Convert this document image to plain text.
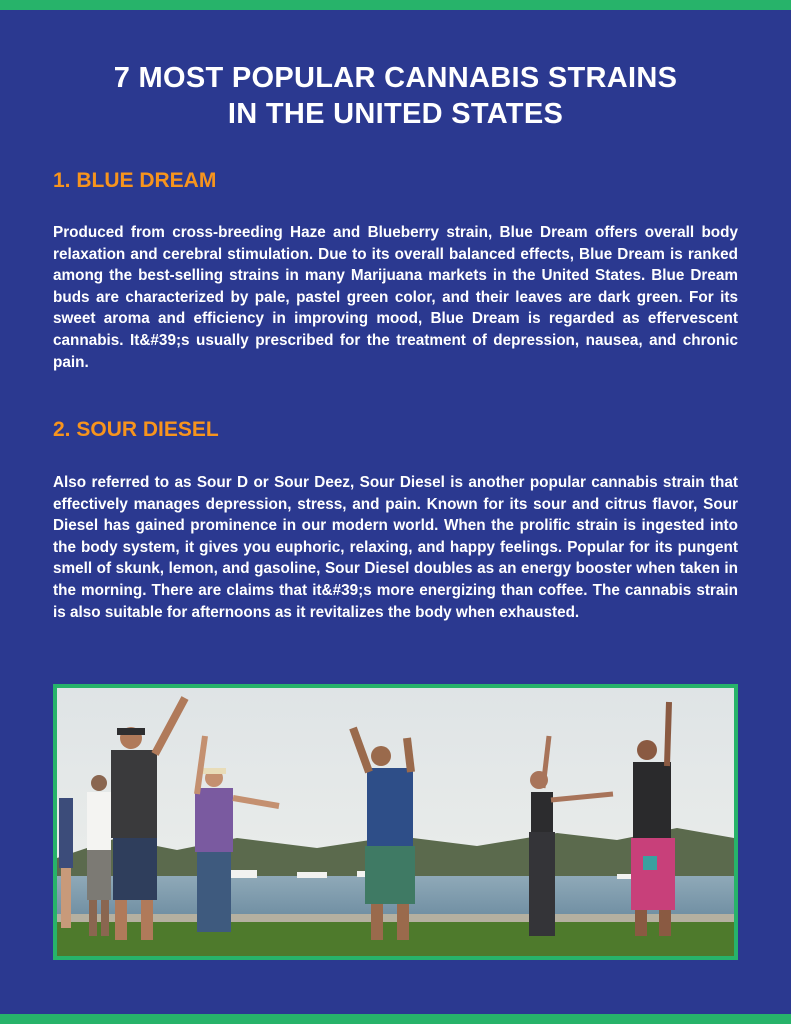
7 MOST POPULAR CANNABIS STRAINS
IN THE UNITED STATES
1. BLUE DREAM

Produced from cross-breeding Haze and Blueberry strain, Blue Dream offers overall body relaxation and cerebral stimulation. Due to its overall balanced effects, Blue Dream is ranked among the best-selling strains in many Marijuana markets in the United States. Blue Dream buds are characterized by pale, pastel green color, and their leaves are dark green. For its sweet aroma and efficiency in improving mood, Blue Dream is regarded as effervescent cannabis. It&#39;s usually prescribed for the treatment of depression, nausea, and chronic pain.

2. SOUR DIESEL

Also referred to as Sour D or Sour Deez, Sour Diesel is another popular cannabis strain that effectively manages depression, stress, and pain. Known for its sour and citrus flavor, Sour Diesel has gained prominence in our modern world. When the prolific strain is ingested into the body system, it gives you euphoric, relaxing, and happy feelings. Popular for its pungent smell of skunk, lemon, and gasoline, Sour Diesel doubles as an energy booster when taken in the morning. There are claims that it&#39;s more energizing than coffee. The cannabis strain is also suitable for afternoons as it revitalizes the body when exhausted.
